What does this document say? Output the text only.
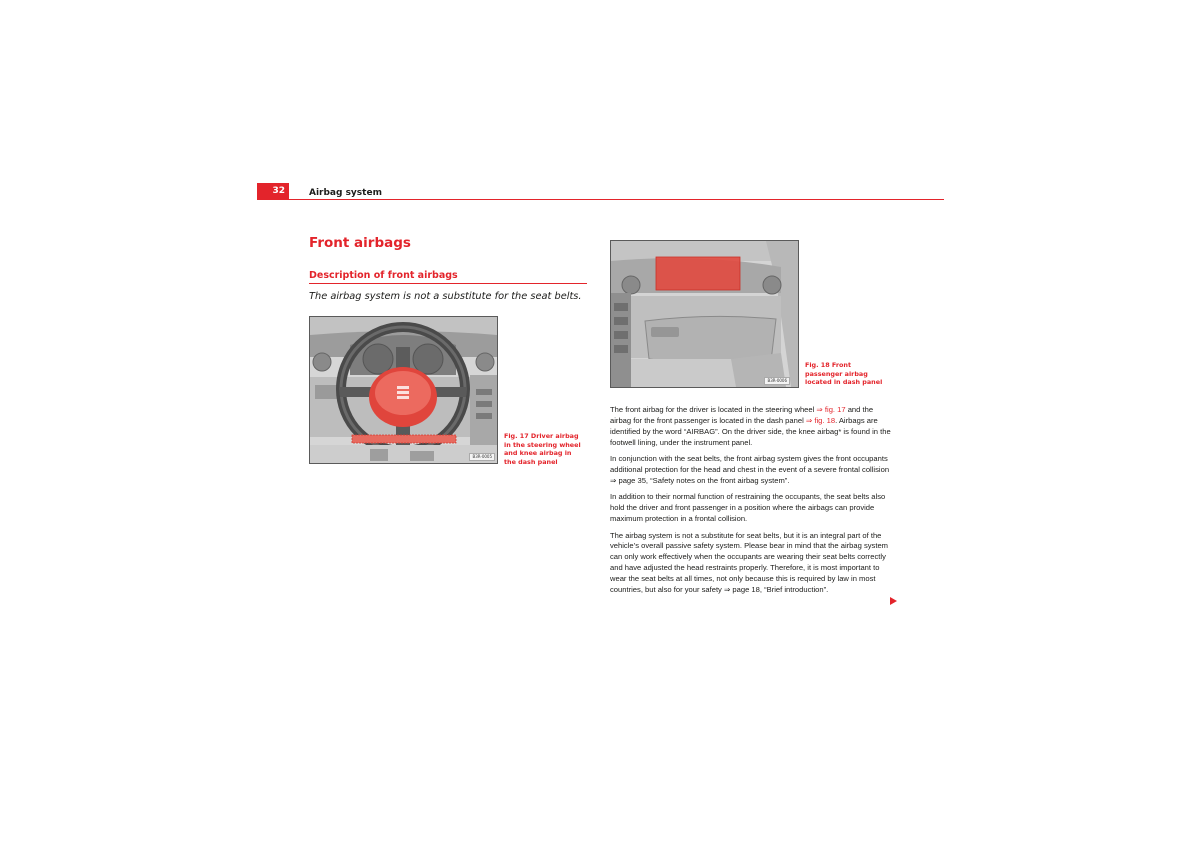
32	Airbag system
Front airbags
Description of front airbags
The airbag system is not a substitute for the seat belts.
B3R-0005
Fig. 17 Driver airbag in the steering wheel and knee airbag in the dash panel
B3R-0006
Fig. 18 Front passenger airbag located in dash panel

The front airbag for the driver is located in the steering wheel ⇒ fig. 17 and the airbag for the front passenger is located in the dash panel ⇒ fig. 18. Airbags are identified by the word “AIRBAG”. On the driver side, the knee airbag* is found in the footwell lining, under the instrument panel.

In conjunction with the seat belts, the front airbag system gives the front occupants additional protection for the head and chest in the event of a severe frontal collision ⇒ page 35, “Safety notes on the front airbag system”.

In addition to their normal function of restraining the occupants, the seat belts also hold the driver and front passenger in a position where the airbags can provide maximum protection in a frontal collision.

The airbag system is not a substitute for seat belts, but it is an integral part of the vehicle’s overall passive safety system. Please bear in mind that the airbag system can only work effectively when the occupants are wearing their seat belts correctly and have adjusted the head restraints properly. Therefore, it is most important to wear the seat belts at all times, not only because this is required by law in most countries, but also for your safety ⇒ page 18, “Brief introduction”.
